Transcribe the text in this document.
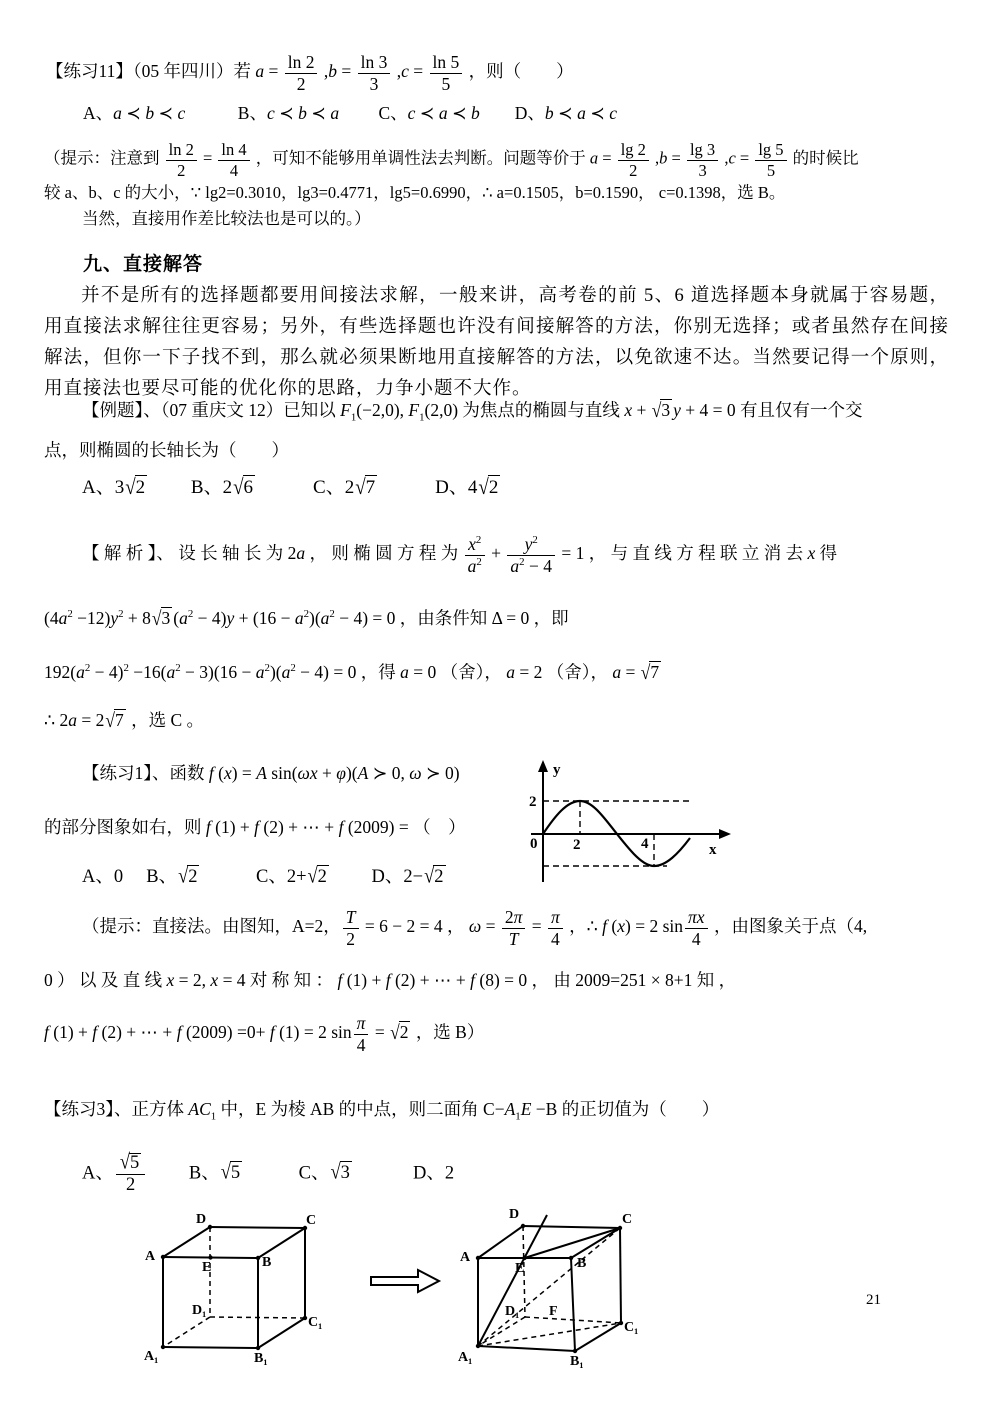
【练习11】（05 年四川）若 $a = \frac{\ln 2}{2} ,b = \frac{\ln 3}{3} ,c = \frac{\ln 5}{5}$ ，则（　　）
A、a ≺ b ≺ c　　　B、c ≺ b ≺ a　　 C、c ≺ a ≺ b　　D、b ≺ a ≺ c
（提示：注意到 $\frac{\ln 2}{2} = \frac{\ln 4}{4}$ ，可知不能够用单调性法去判断。问题等价于 $a = \frac{\lg 2}{2} ,b = \frac{\lg 3}{3} ,c = \frac{\lg 5}{5}$ 的时候比
较 a、b、c 的大小，∵ lg2=0.3010，lg3=0.4771，lg5=0.6990，∴ a=0.1505，b=0.1590， c=0.1398，选 B。
当然，直接用作差比较法也是可以的。）
九、直接解答
并不是所有的选择题都要用间接法求解，一般来讲，高考卷的前 5、6 道选择题本身就属于容易题，用直接法求解往往更容易；另外，有些选择题也许没有间接解答的方法，你别无选择；或者虽然存在间接解法，但你一下子找不到，那么就必须果断地用直接解答的方法，以免欲速不达。当然要记得一个原则，用直接法也要尽可能的优化你的思路，力争小题不大作。
【例题】、（07 重庆文 12）已知以 $F_1(-2,0)$, $F_1(2,0)$ 为焦点的椭圆与直线 x + √3 y + 4 = 0 有且仅有一个交
点，则椭圆的长轴长为（　　）
A、3√2　　 B、2√6　　　C、2√7　　　D、4√2
【 解 析 】、 设 长 轴 长 为 2a ， 则 椭 圆 方 程 为 $\frac{x^2}{a^2} + \frac{y^2}{a^2 - 4} = 1$ ， 与 直 线 方 程 联 立 消 去 x 得
$(4a^2 -12)y^2 + 8√3$ $(a^2 - 4)y + (16 - a^2)(a^2 - 4) = 0$ ，由条件知 Δ = 0 ，即
$192(a^2 - 4)^2 -16(a^2 - 3)(16 - a^2)(a^2 - 4) = 0$ ，得 a = 0 （舍）， a = 2 （舍）， a = √7
∴ 2a = 2√7 ，选 C 。
【练习1】、函数 f (x) = A sin(ωx + φ)(A ≻ 0, ω ≻ 0)
的部分图象如右，则 f (1) + f (2) + ⋯ + f (2009) = （　）
A、0　 B、√2　　　C、2+√2　　 D、2−√2
（提示：直接法。由图知，A=2， $\frac{T}{2} = 6 - 2 = 4$ ， $\omega = \frac{2\pi}{T} = \frac{\pi}{4}$ ，∴ f (x) = 2 $\sin \frac{\pi x}{4}$ ，由图象关于点（4,
0 ） 以 及 直 线 x = 2, x = 4 对 称 知 ： f (1) + f (2) + ⋯ + f (8) = 0 ， 由 2009=251 × 8+1 知 ，
f (1) + f (2) + ⋯ + f (2009) =0+ f (1) = 2 $\sin \frac{\pi}{4} = √2$ ，选 B）
y
2
0 2	4	x
【练习3】、正方体 $AC_1$ 中，E 为棱 AB 的中点，则二面角 $C-A_1E -B$ 的正切值为（　　）
A、 $\frac{√5}{2}$ 　　 B、√5　　　C、√3　　　 D、2
D	C
A	B
E
D₁
C₁
A₁	B₁
D	C
A	B
E
F
D₁
C₁
A₁	B₁
21
